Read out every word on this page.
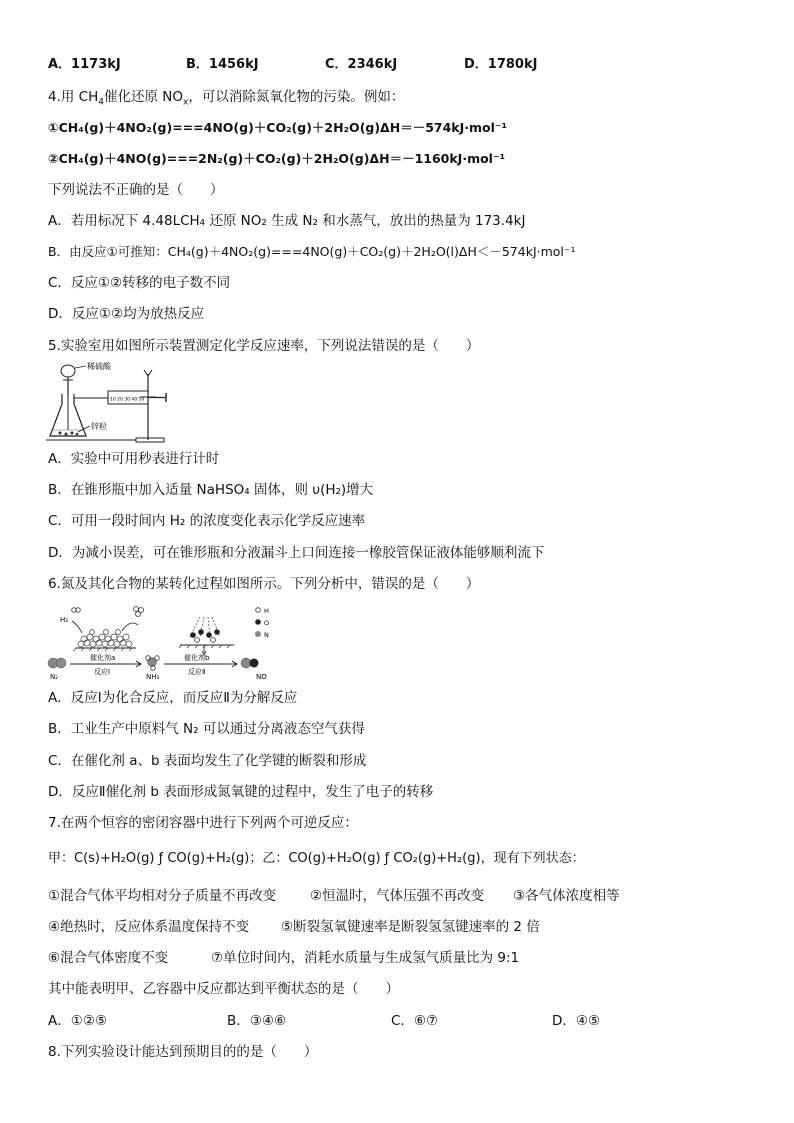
A．1173kJ	B．1456kJ	C．2346kJ	D．1780kJ
4.用 $CH_4$催化还原 $NO_x$，可以消除氮氧化物的污染。例如：
①CH₄(g)＋4NO₂(g)===4NO(g)＋CO₂(g)＋2H₂O(g)ΔH＝－574kJ·mol⁻¹
②CH₄(g)＋4NO(g)===2N₂(g)＋CO₂(g)＋2H₂O(g)ΔH＝－1160kJ·mol⁻¹
下列说法不正确的是（　　）
A．若用标况下 4.48LCH₄ 还原 NO₂ 生成 N₂ 和水蒸气，放出的热量为 173.4kJ
B．由反应①可推知：CH₄(g)＋4NO₂(g)===4NO(g)＋CO₂(g)＋2H₂O(l)ΔH＜－574kJ·mol⁻¹
C．反应①②转移的电子数不同
D．反应①②均为放热反应
5.实验室用如图所示装置测定化学反应速率，下列说法错误的是（　　）
稀硫酸
锌粒
10 20 30 40 50
A．实验中可用秒表进行计时
B．在锥形瓶中加入适量 NaHSO₄ 固体，则 υ(H₂)增大
C．可用一段时间内 H₂ 的浓度变化表示化学反应速率
D．为减小误差，可在锥形瓶和分液漏斗上口间连接一橡胶管保证液体能够顺利流下
6.氮及其化合物的某转化过程如图所示。下列分析中，错误的是（　　）
H₂
H
O
N
N₂
催化剂a
反应Ⅰ
NH₃
催化剂b
反应Ⅱ
NO
A．反应Ⅰ为化合反应，而反应Ⅱ为分解反应
B．工业生产中原料气 N₂ 可以通过分离液态空气获得
C．在催化剂 a、b 表面均发生了化学键的断裂和形成
D．反应Ⅱ催化剂 b 表面形成氮氧键的过程中，发生了电子的转移
7.在两个恒容的密闭容器中进行下列两个可逆反应：
甲：C(s)+H₂O(g) ƒ CO(g)+H₂(g)；乙：CO(g)+H₂O(g) ƒ CO₂(g)+H₂(g)，现有下列状态：
①混合气体平均相对分子质量不再改变	②恒温时，气体压强不再改变 ③各气体浓度相等
④绝热时，反应体系温度保持不变 ⑤断裂氢氧键速率是断裂氢氢键速率的 2 倍
⑥混合气体密度不变	⑦单位时间内，消耗水质量与生成氢气质量比为 9:1
其中能表明甲、乙容器中反应都达到平衡状态的是（　　）
A．①②⑤	B．③④⑥	C．⑥⑦	D．④⑤
8.下列实验设计能达到预期目的的是（　　）
